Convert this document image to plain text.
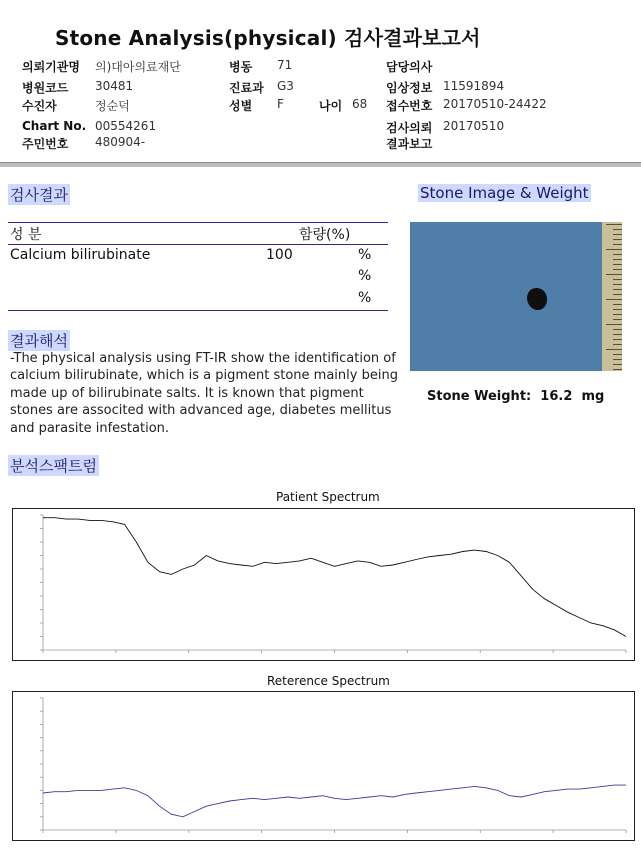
Stone Analysis(physical) 검사결과보고서
의뢰기관명 의)대아의료재단
병원코드 30481
수진자	정순덕
Chart No. 00554261
주민번호 480904-
병동 71
진료과 G3
성별 F	나이 68
담당의사
임상정보 11591894
접수번호 20170510-24422
검사의뢰 20170510
결과보고
검사결과
성 분	함량(%)
Calcium bilirubinate	100	%
%
%
결과해석
-The physical analysis using FT-IR show the identification of calcium bilirubinate, which is a pigment stone mainly being made up of bilirubinate salts. It is known that pigment stones are associted with advanced age, diabetes mellitus and parasite infestation.
Stone Image & Weight
Stone Weight: 16.2 mg
분석스팩트럼
Patient Spectrum
Reterence Spectrum
